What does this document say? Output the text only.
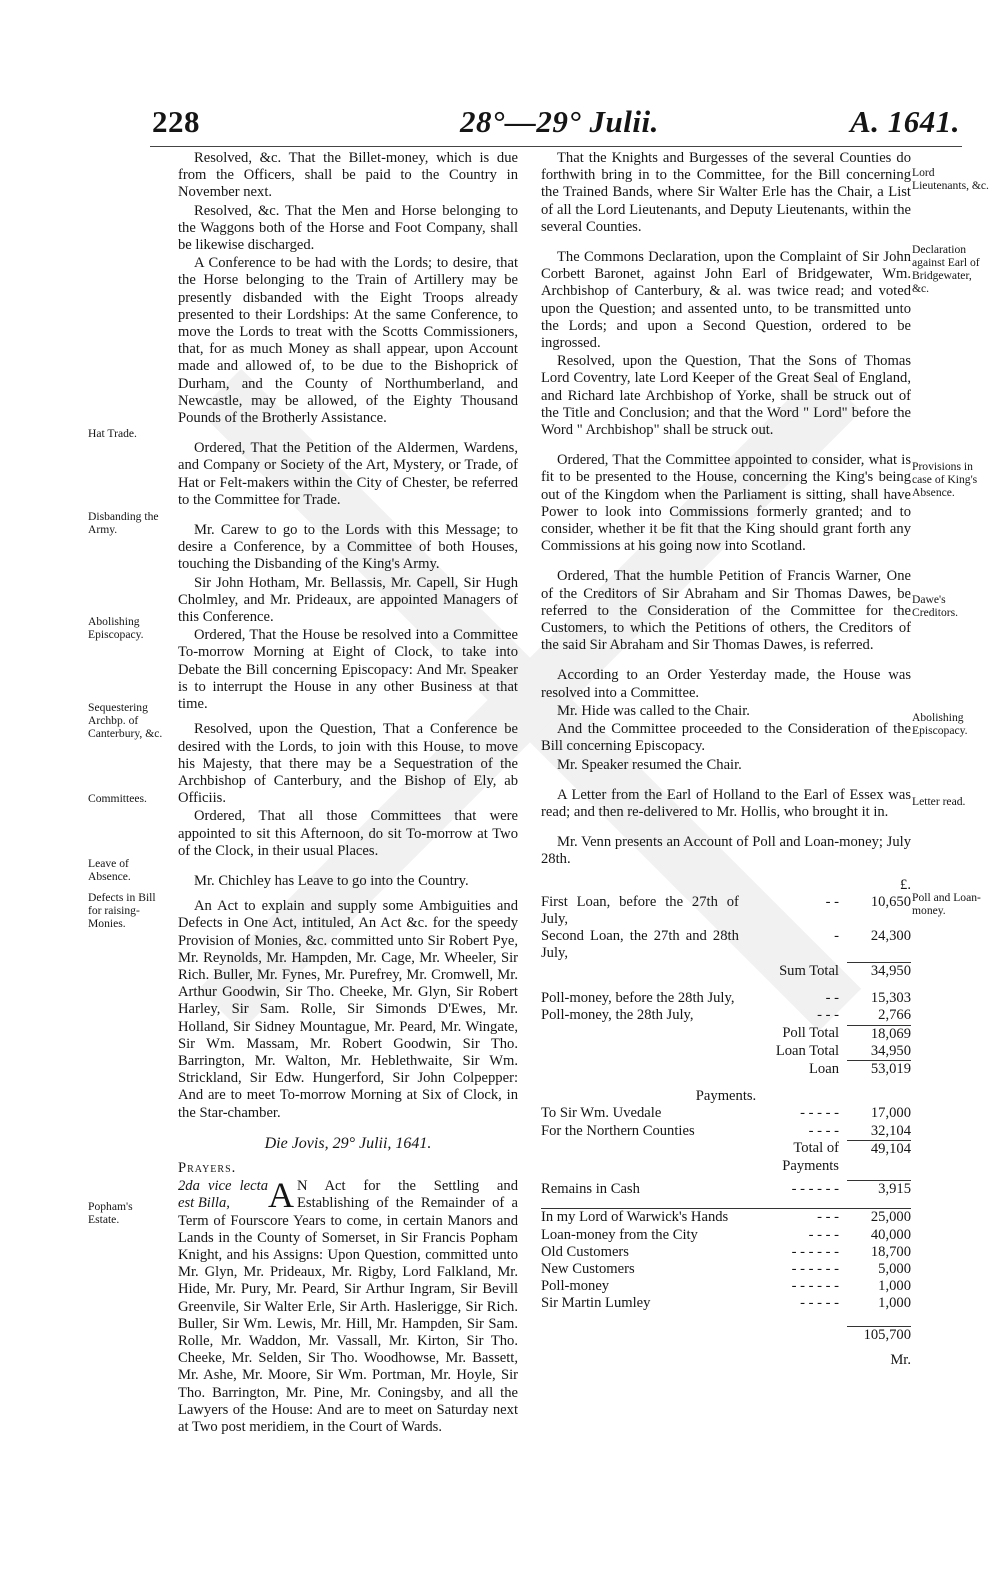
228	28°—29° Julii.	A. 1641.
Hat Trade.
Disbanding the Army.
Abolishing Episcopacy.
Sequestering Archbp. of Canterbury, &c.
Committees.
Leave of Absence.
Defects in Bill for raising-Monies.
Popham's Estate.
Lord Lieutenants, &c.
Declaration against Earl of Bridgewater, &c.
Provisions in case of King's Absence.
Dawe's Creditors.
Abolishing Episcopacy.
Letter read.
Poll and Loan-money.

Resolved, &c. That the Billet-money, which is due from the Officers, shall be paid to the Country in November next.

Resolved, &c. That the Men and Horse belonging to the Waggons both of the Horse and Foot Company, shall be likewise discharged.

A Conference to be had with the Lords; to desire, that the Horse belonging to the Train of Artillery may be presently disbanded with the Eight Troops already presented to their Lordships: At the same Conference, to move the Lords to treat with the Scotts Commissioners, that, for as much Money as shall appear, upon Account made and allowed of, to be due to the Bishoprick of Durham, and the County of Northumberland, and Newcastle, may be allowed, of the Eighty Thousand Pounds of the Brotherly Assistance.

Ordered, That the Petition of the Aldermen, Wardens, and Company or Society of the Art, Mystery, or Trade, of Hat or Felt-makers within the City of Chester, be referred to the Committee for Trade.

Mr. Carew to go to the Lords with this Message; to desire a Conference, by a Committee of both Houses, touching the Disbanding of the King's Army.

Sir John Hotham, Mr. Bellassis, Mr. Capell, Sir Hugh Cholmley, and Mr. Prideaux, are appointed Managers of this Conference.

Ordered, That the House be resolved into a Committee To-morrow Morning at Eight of Clock, to take into Debate the Bill concerning Episcopacy: And Mr. Speaker is to interrupt the House in any other Business at that time.

Resolved, upon the Question, That a Conference be desired with the Lords, to join with this House, to move his Majesty, that there may be a Sequestration of the Archbishop of Canterbury, and the Bishop of Ely, ab Officiis.

Ordered, That all those Committees that were appointed to sit this Afternoon, do sit To-morrow at Two of the Clock, in their usual Places.

Mr. Chichley has Leave to go into the Country.

An Act to explain and supply some Ambiguities and Defects in One Act, intituled, An Act &c. for the speedy Provision of Monies, &c. committed unto Sir Robert Pye, Mr. Reynolds, Mr. Hampden, Mr. Cage, Mr. Wheeler, Sir Rich. Buller, Mr. Fynes, Mr. Purefrey, Mr. Cromwell, Mr. Arthur Goodwin, Sir Tho. Cheeke, Mr. Glyn, Sir Robert Harley, Sir Sam. Rolle, Sir Simonds D'Ewes, Mr. Holland, Sir Sidney Mountague, Mr. Peard, Mr. Wingate, Sir Wm. Massam, Mr. Robert Goodwin, Sir Tho. Barrington, Mr. Walton, Mr. Heblethwaite, Sir Wm. Strickland, Sir Edw. Hungerford, Sir John Colpepper: And are to meet To-morrow Morning at Six of Clock, in the Star-chamber.

Die Jovis, 29° Julii, 1641.

Prayers.

2da vice lecta est Billa,	A N Act for the Settling and Establishing of the Remainder of a Term of Fourscore Years to come, in certain Manors and Lands in the County of Somerset, in Sir Francis Popham Knight, and his Assigns: Upon Question, committed unto Mr. Glyn, Mr. Prideaux, Mr. Rigby, Lord Falkland, Mr. Hide, Mr. Pury, Mr. Peard, Sir Arthur Ingram, Sir Bevill Greenvile, Sir Walter Erle, Sir Arth. Haslerigge, Sir Rich. Buller, Sir Wm. Lewis, Mr. Hill, Mr. Hampden, Sir Sam. Rolle, Mr. Waddon, Mr. Vassall, Mr. Kirton, Sir Tho. Cheeke, Mr. Selden, Sir Tho. Woodhowse, Mr. Bassett, Mr. Ashe, Mr. Moore, Sir Wm. Portman, Mr. Hoyle, Sir Tho. Barrington, Mr. Pine, Mr. Coningsby, and all the Lawyers of the House: And are to meet on Saturday next at Two post meridiem, in the Court of Wards.

That the Knights and Burgesses of the several Counties do forthwith bring in to the Committee, for the Bill concerning the Trained Bands, where Sir Walter Erle has the Chair, a List of all the Lord Lieutenants, and Deputy Lieutenants, within the several Counties.

The Commons Declaration, upon the Complaint of Sir John Corbett Baronet, against John Earl of Bridgewater, Wm. Archbishop of Canterbury, & al. was twice read; and voted upon the Question; and assented unto, to be transmitted unto the Lords; and upon a Second Question, ordered to be ingrossed.

Resolved, upon the Question, That the Sons of Thomas Lord Coventry, late Lord Keeper of the Great Seal of England, and Richard late Archbishop of Yorke, shall be struck out of the Title and Conclusion; and that the Word " Lord" before the Word " Archbishop" shall be struck out.

Ordered, That the Committee appointed to consider, what is fit to be presented to the House, concerning the King's being out of the Kingdom when the Parliament is sitting, shall have Power to look into Commissions formerly granted; and to consider, whether it be fit that the King should grant forth any Commissions at his going now into Scotland.

Ordered, That the humble Petition of Francis Warner, One of the Creditors of Sir Abraham and Sir Thomas Dawes, be referred to the Consideration of the Committee for the Customers, to which the Petitions of others, the Creditors of the said Sir Abraham and Sir Thomas Dawes, is referred.

According to an Order Yesterday made, the House was resolved into a Committee.

Mr. Hide was called to the Chair.

And the Committee proceeded to the Consideration of the Bill concerning Episcopacy.

Mr. Speaker resumed the Chair.

A Letter from the Earl of Holland to the Earl of Essex was read; and then re-delivered to Mr. Hollis, who brought it in.

Mr. Venn presents an Account of Poll and Loan-money; July 28th.

		£.
First Loan, before the 27th of July,	- -	10,650
Second Loan, the 27th and 28th July,	-	24,300
	Sum Total	34,950

Poll-money, before the 28th July,	- -	15,303
Poll-money, the 28th July,	- - -	2,766
	Poll Total	18,069
	Loan Total	34,950
	Loan	53,019

Payments.		
To Sir Wm. Uvedale	- - - - -	17,000
For the Northern Counties	- - - -	32,104
	Total of Payments	49,104

Remains in Cash	- - - - - -	3,915

In my Lord of Warwick's Hands	- - -	25,000
Loan-money from the City	- - - -	40,000
Old Customers	- - - - - -	18,700
New Customers	- - - - - -	5,000
Poll-money	- - - - - -	1,000
Sir Martin Lumley	- - - - -	1,000

		105,700

		Mr.
